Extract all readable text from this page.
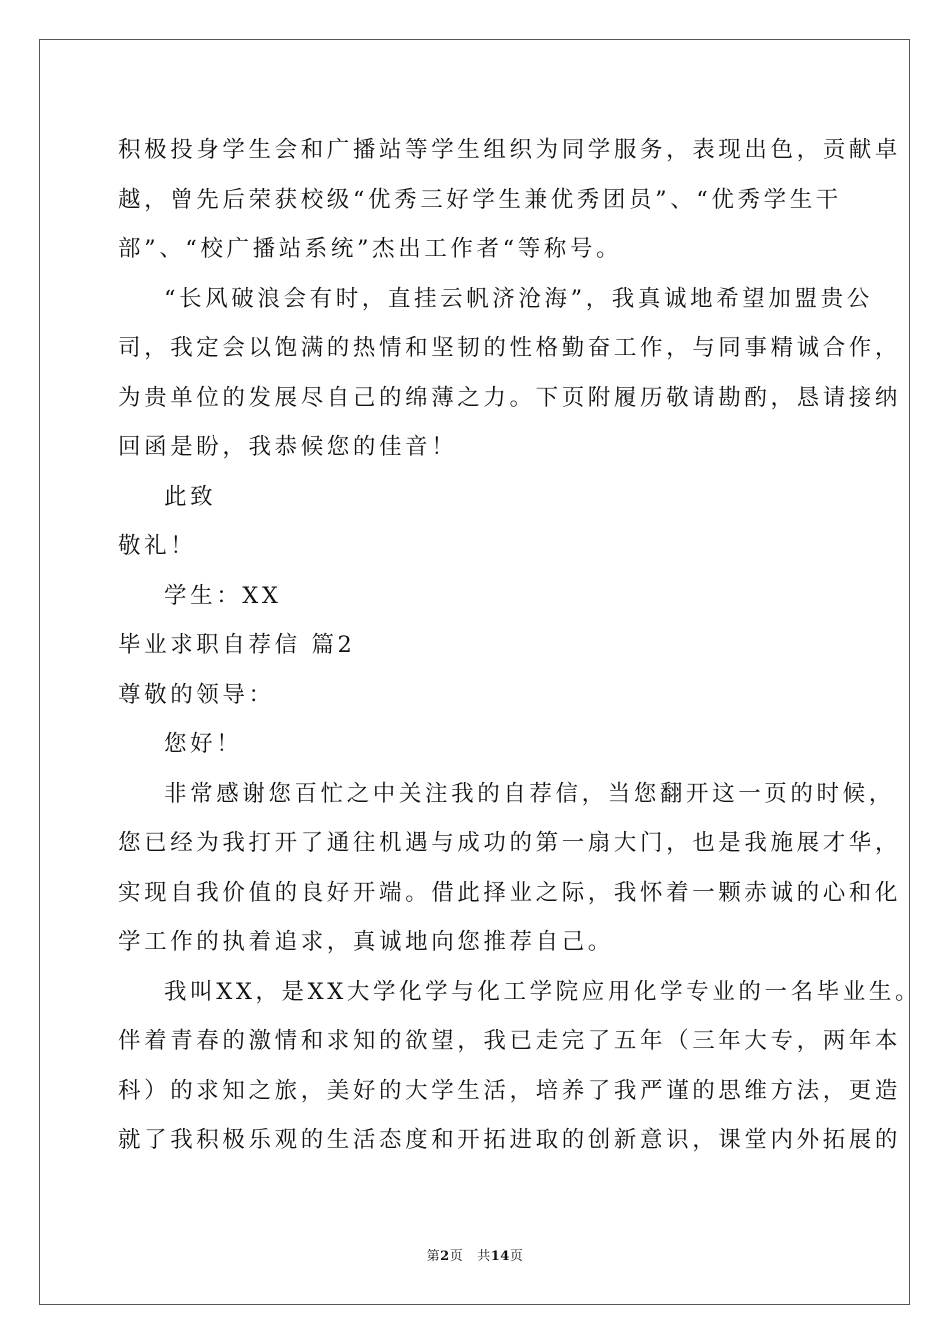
积极投身学生会和广播站等学生组织为同学服务，表现出色，贡献卓
越，曾先后荣获校级“优秀三好学生兼优秀团员”、“优秀学生干
部”、“校广播站系统”杰出工作者“等称号。
“长风破浪会有时，直挂云帆济沧海”，我真诚地希望加盟贵公
司，我定会以饱满的热情和坚韧的性格勤奋工作，与同事精诚合作，
为贵单位的发展尽自己的绵薄之力。下页附履历敬请勘酌，恳请接纳
回函是盼，我恭候您的佳音！
此致
敬礼！
学生：XX
毕业求职自荐信 篇2
尊敬的领导：
您好！
非常感谢您百忙之中关注我的自荐信，当您翻开这一页的时候，
您已经为我打开了通往机遇与成功的第一扇大门，也是我施展才华，
实现自我价值的良好开端。借此择业之际，我怀着一颗赤诚的心和化
学工作的执着追求，真诚地向您推荐自己。
我叫XX，是XX大学化学与化工学院应用化学专业的一名毕业生。
伴着青春的激情和求知的欲望，我已走完了五年（三年大专，两年本
科）的求知之旅，美好的大学生活，培养了我严谨的思维方法，更造
就了我积极乐观的生活态度和开拓进取的创新意识，课堂内外拓展的
第2页 共14页
